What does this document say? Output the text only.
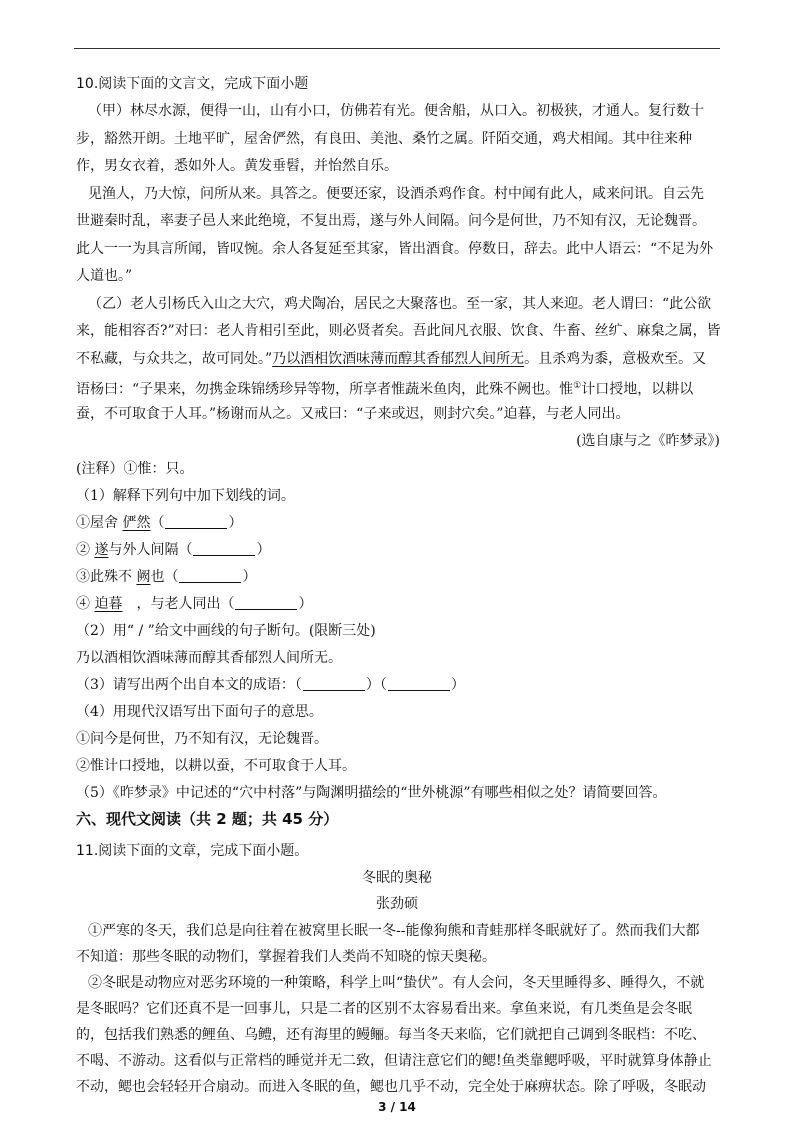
10.阅读下面的文言文，完成下面小题
（甲）林尽水源，便得一山，山有小口，仿佛若有光。便舍船，从口入。初极狭，才通人。复行数十
步，豁然开朗。土地平旷，屋舍俨然，有良田、美池、桑竹之属。阡陌交通，鸡犬相闻。其中往来种
作，男女衣着，悉如外人。黄发垂髫，并怡然自乐。
见渔人，乃大惊，问所从来。具答之。便要还家，设酒杀鸡作食。村中闻有此人，咸来问讯。自云先
世避秦时乱，率妻子邑人来此绝境，不复出焉，遂与外人间隔。问今是何世，乃不知有汉，无论魏晋。
此人一一为具言所闻，皆叹惋。余人各复延至其家，皆出酒食。停数日，辞去。此中人语云：“不足为外
人道也。”
（乙）老人引杨氏入山之大穴，鸡犬陶冶，居民之大聚落也。至一家，其人来迎。老人谓曰：“此公欲
来，能相容否?”对曰：老人肯相引至此，则必贤者矣。吾此间凡衣服、饮食、牛畜、丝纩、麻枲之属，皆
不私藏，与众共之，故可同处。”乃以酒相饮酒味薄而醇其香郁烈人间所无。且杀鸡为黍，意极欢至。又
语杨曰：“子果来，勿携金珠锦绣珍异等物，所享者惟蔬米鱼肉，此殊不阙也。惟①计口授地，以耕以
蚕，不可取食于人耳。”杨谢而从之。又戒曰：“子来或迟，则封穴矣。”迫暮，与老人同出。
(选自康与之《昨梦录》)
(注释）①惟：只。
（1）解释下列句中加下划线的词。
①屋舍 俨然（	）
② 遂与外人间隔（	）
③此殊不 阙也（	）
④ 迫暮　，与老人同出（	）
（2）用“ / ”给文中画线的句子断句。(限断三处)
乃以酒相饮酒味薄而醇其香郁烈人间所无。
（3）请写出两个出自本文的成语：（	）（	）
（4）用现代汉语写出下面句子的意思。
①问今是何世，乃不知有汉，无论魏晋。
②惟计口授地，以耕以蚕，不可取食于人耳。
（5）《昨梦录》中记述的“穴中村落”与陶渊明描绘的“世外桃源”有哪些相似之处？请简要回答。
六、现代文阅读（共 2 题；共 45 分）
11.阅读下面的文章，完成下面小题。
冬眠的奥秘
张劲硕
3 / 14
①严寒的冬天，我们总是向往着在被窝里长眠一冬--能像狗熊和青蛙那样冬眠就好了。然而我们大都
不知道：那些冬眠的动物们，掌握着我们人类尚不知晓的惊天奥秘。
②冬眠是动物应对恶劣环境的一种策略，科学上叫“蛰伏”。有人会问，冬天里睡得多、睡得久，不就
是冬眠吗？它们还真不是一回事儿，只是二者的区别不太容易看出来。拿鱼来说，有几类鱼是会冬眠
的，包括我们熟悉的鲤鱼、乌鳢，还有海里的鳗鲡。每当冬天来临，它们就把自己调到冬眠档：不吃、
不喝、不游动。这看似与正常档的睡觉并无二致，但请注意它们的鳃!鱼类靠鳃呼吸，平时就算身体静止
不动，鳃也会轻轻开合扇动。而进入冬眠的鱼，鳃也几乎不动，完全处于麻痹状态。除了呼吸，冬眠动
